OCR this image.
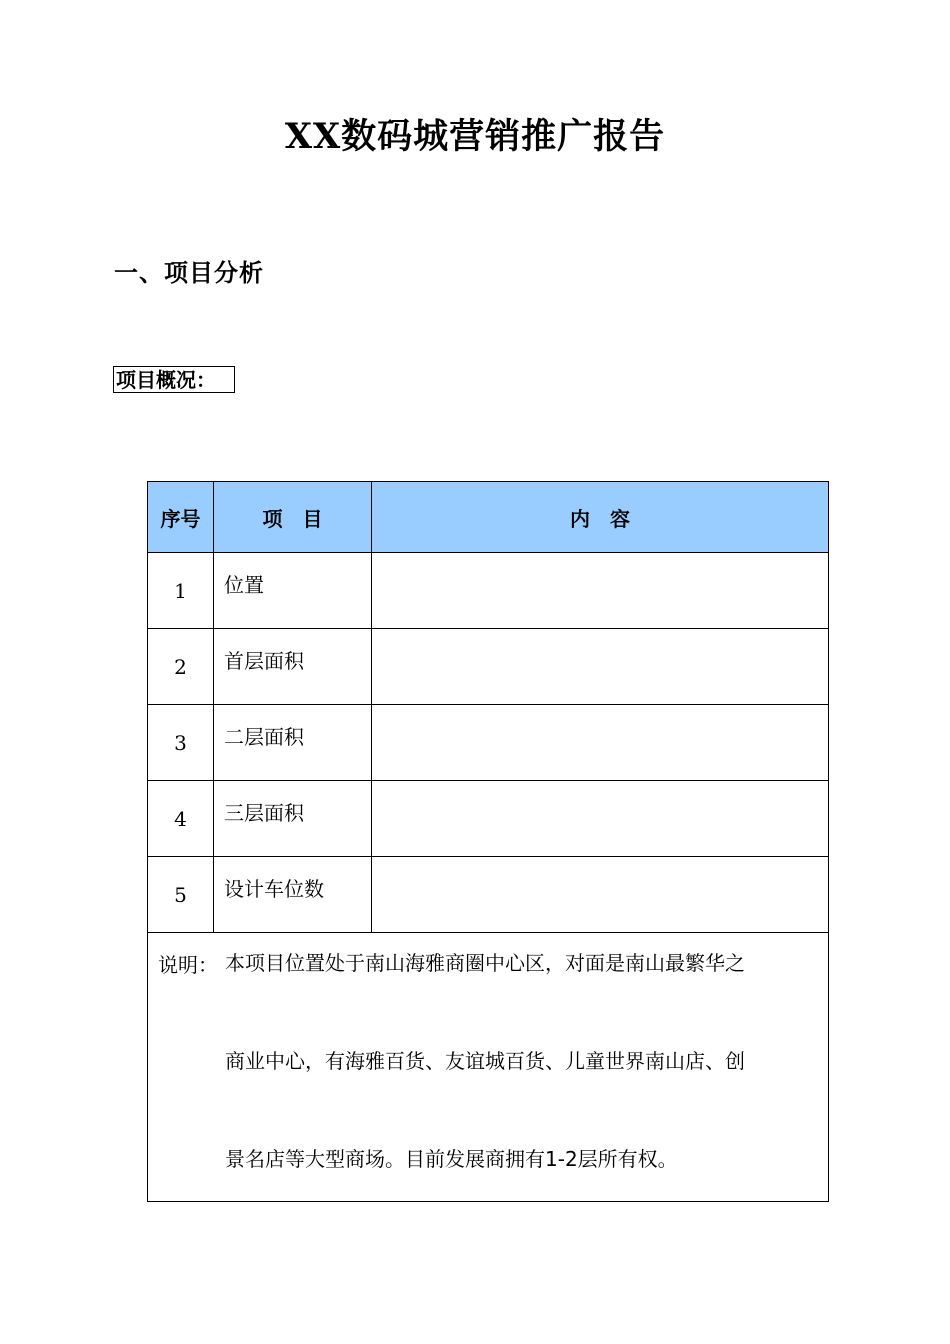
XX数码城营销推广报告
一、项目分析
项目概况：
序号	项　目	内　容
1	位置	
2	首层面积	
3	二层面积	
4	三层面积	
5	设计车位数	

说明： 本项目位置处于南山海雅商圈中心区，对面是南山最繁华之
商业中心，有海雅百货、友谊城百货、儿童世界南山店、创
景名店等大型商场。目前发展商拥有1-2层所有权。		
